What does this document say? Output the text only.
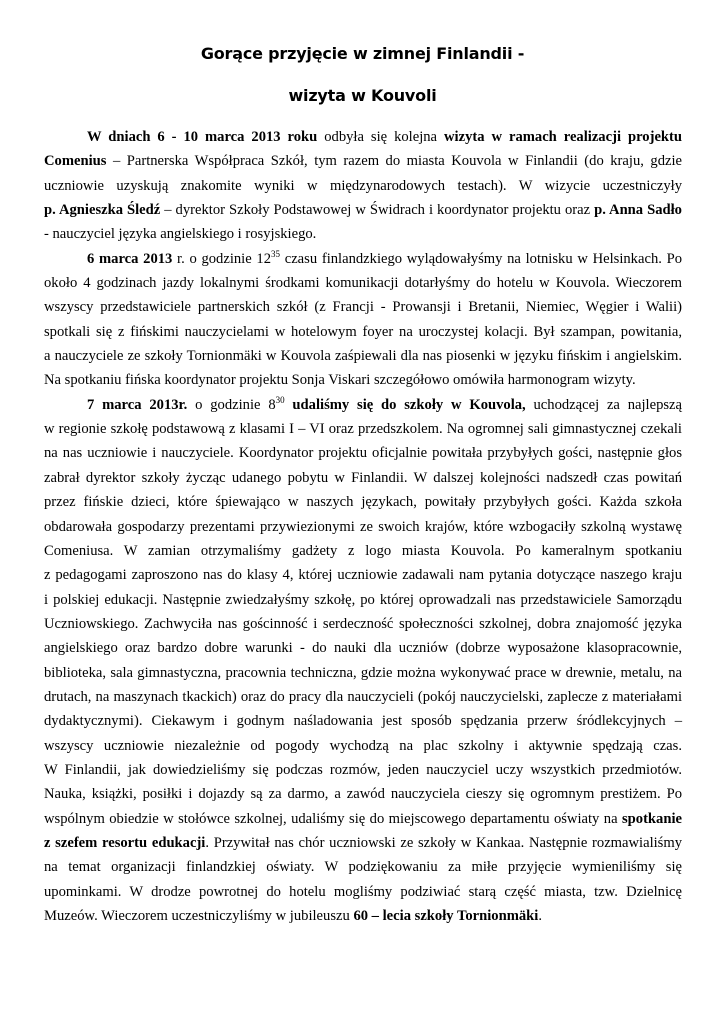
Gorące przyjęcie w zimnej Finlandii -
wizyta w Kouvoli

W dniach 6 - 10 marca 2013 roku odbyła się kolejna wizyta w ramach realizacji projektu
Comenius – Partnerska Współpraca Szkół, tym razem do miasta Kouvola w Finlandii (do kraju, gdzie
uczniowie uzyskują znakomite wyniki w międzynarodowych testach). W wizycie uczestniczyły
p. Agnieszka Śledź – dyrektor Szkoły Podstawowej w Świdrach i koordynator projektu oraz p. Anna Sadło
- nauczyciel języka angielskiego i rosyjskiego.

6 marca 2013 r. o godzinie $12^{35}$ czasu finlandzkiego wylądowałyśmy na lotnisku w Helsinkach. Po
około 4 godzinach jazdy lokalnymi środkami komunikacji dotarłyśmy do hotelu w Kouvola. Wieczorem
wszyscy przedstawiciele partnerskich szkół (z Francji - Prowansji i Bretanii, Niemiec, Węgier i Walii)
spotkali się z fińskimi nauczycielami w hotelowym foyer na uroczystej kolacji. Był szampan, powitania,
a nauczyciele ze szkoły Tornionmäki w Kouvola zaśpiewali dla nas piosenki w języku fińskim i angielskim.
Na spotkaniu fińska koordynator projektu Sonja Viskari szczegółowo omówiła harmonogram wizyty.

7 marca 2013r. o godzinie $8^{30}$ udaliśmy się do szkoły w Kouvola, uchodzącej za najlepszą
w regionie szkołę podstawową z klasami I – VI oraz przedszkolem. Na ogromnej sali gimnastycznej czekali
na nas uczniowie i nauczyciele. Koordynator projektu oficjalnie powitała przybyłych gości, następnie głos
zabrał dyrektor szkoły życząc udanego pobytu w Finlandii. W dalszej kolejności nadszedł czas powitań
przez fińskie dzieci, które śpiewająco w naszych językach, powitały przybyłych gości. Każda szkoła
obdarowała gospodarzy prezentami przywiezionymi ze swoich krajów, które wzbogaciły szkolną wystawę
Comeniusa. W zamian otrzymaliśmy gadżety z logo miasta Kouvola. Po kameralnym spotkaniu
z pedagogami zaproszono nas do klasy 4, której uczniowie zadawali nam pytania dotyczące naszego kraju
i polskiej edukacji. Następnie zwiedzałyśmy szkołę, po której oprowadzali nas przedstawiciele Samorządu
Uczniowskiego. Zachwyciła nas gościnność i serdeczność społeczności szkolnej, dobra znajomość języka
angielskiego oraz bardzo dobre warunki - do nauki dla uczniów (dobrze wyposażone klasopracownie,
biblioteka, sala gimnastyczna, pracownia techniczna, gdzie można wykonywać prace w drewnie, metalu, na
drutach, na maszynach tkackich) oraz do pracy dla nauczycieli (pokój nauczycielski, zaplecze z materiałami
dydaktycznymi). Ciekawym i godnym naśladowania jest sposób spędzania przerw śródlekcyjnych –
wszyscy uczniowie niezależnie od pogody wychodzą na plac szkolny i aktywnie spędzają czas.
W Finlandii, jak dowiedzieliśmy się podczas rozmów, jeden nauczyciel uczy wszystkich przedmiotów.
Nauka, książki, posiłki i dojazdy są za darmo, a zawód nauczyciela cieszy się ogromnym prestiżem. Po
wspólnym obiedzie w stołówce szkolnej, udaliśmy się do miejscowego departamentu oświaty na spotkanie
z szefem resortu edukacji. Przywitał nas chór uczniowski ze szkoły w Kankaa. Następnie rozmawialiśmy
na temat organizacji finlandzkiej oświaty. W podziękowaniu za miłe przyjęcie wymieniliśmy się
upominkami. W drodze powrotnej do hotelu mogliśmy podziwiać starą część miasta, tzw. Dzielnicę
Muzeów. Wieczorem uczestniczyliśmy w jubileuszu 60 – lecia szkoły Tornionmäki.
